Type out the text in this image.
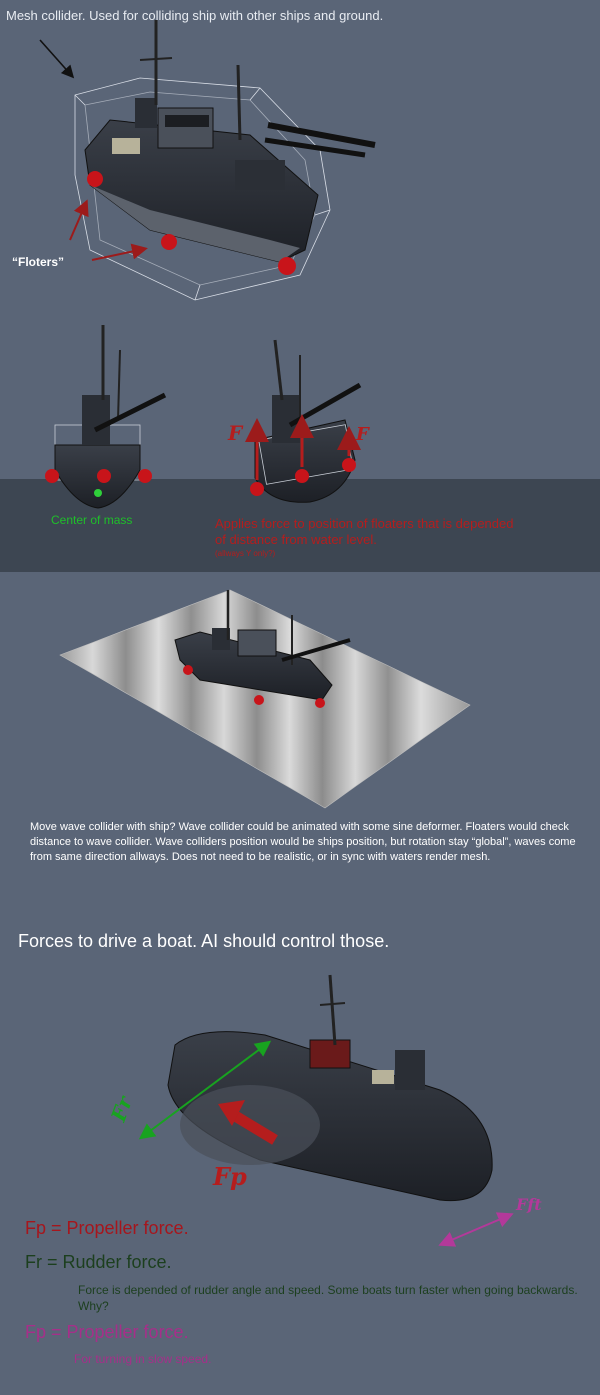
Mesh collider. Used for colliding ship with other ships and ground.
“Floters”
F	F
Center of mass	Applies force to position of floaters that is depended of distance from water level.
(allways Y only?)
Move wave collider with ship? Wave collider could be animated with some sine deformer. Floaters would check distance to wave collider. Wave colliders position would be ships position, but rotation stay “global”, waves come from same direction allways. Does not need to be realistic, or in sync with waters render mesh.
Forces to drive a boat. AI should control those.
Fr
Fp
Fft
Fp = Propeller force.
Fr = Rudder force.
Force is depended of rudder angle and speed. Some boats turn faster when going backwards. Why?
Fp = Propeller force.
For turning in slow speed.
